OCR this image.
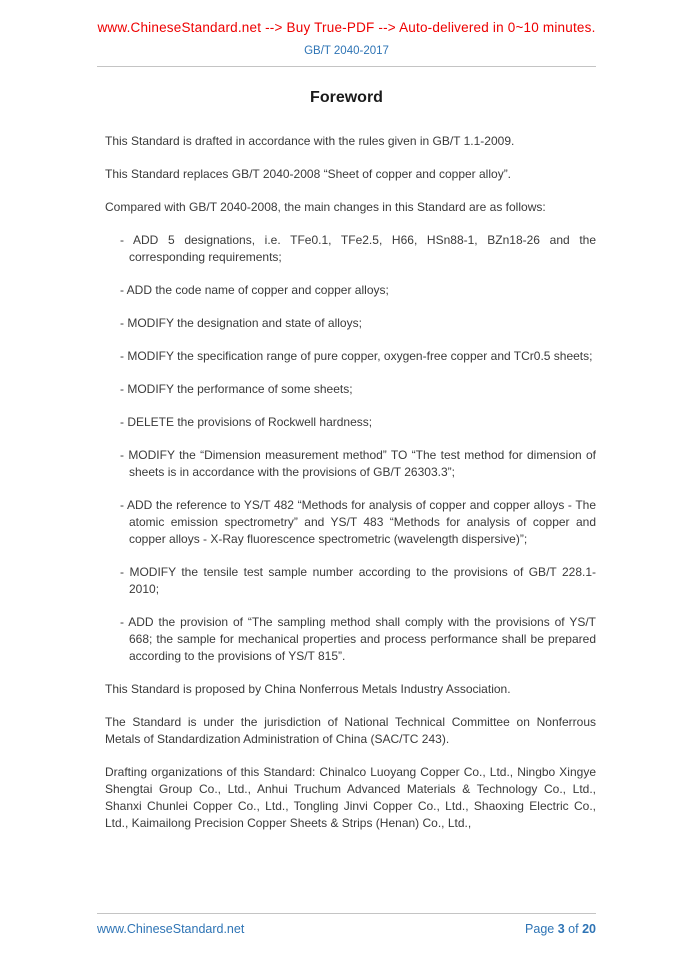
www.ChineseStandard.net --> Buy True-PDF --> Auto-delivered in 0~10 minutes.
GB/T 2040-2017
Foreword

This Standard is drafted in accordance with the rules given in GB/T 1.1-2009.

This Standard replaces GB/T 2040-2008 “Sheet of copper and copper alloy”.

Compared with GB/T 2040-2008, the main changes in this Standard are as follows:

- ADD 5 designations, i.e. TFe0.1, TFe2.5, H66, HSn88-1, BZn18-26 and the corresponding requirements;

- ADD the code name of copper and copper alloys;

- MODIFY the designation and state of alloys;

- MODIFY the specification range of pure copper, oxygen-free copper and TCr0.5 sheets;

- MODIFY the performance of some sheets;

- DELETE the provisions of Rockwell hardness;

- MODIFY the “Dimension measurement method” TO “The test method for dimension of sheets is in accordance with the provisions of GB/T 26303.3”;

- ADD the reference to YS/T 482 “Methods for analysis of copper and copper alloys - The atomic emission spectrometry” and YS/T 483 “Methods for analysis of copper and copper alloys - X-Ray fluorescence spectrometric (wavelength dispersive)”;

- MODIFY the tensile test sample number according to the provisions of GB/T 228.1-2010;

- ADD the provision of “The sampling method shall comply with the provisions of YS/T 668; the sample for mechanical properties and process performance shall be prepared according to the provisions of YS/T 815”.

This Standard is proposed by China Nonferrous Metals Industry Association.

The Standard is under the jurisdiction of National Technical Committee on Nonferrous Metals of Standardization Administration of China (SAC/TC 243).

Drafting organizations of this Standard: Chinalco Luoyang Copper Co., Ltd., Ningbo Xingye Shengtai Group Co., Ltd., Anhui Truchum Advanced Materials & Technology Co., Ltd., Shanxi Chunlei Copper Co., Ltd., Tongling Jinvi Copper Co., Ltd., Shaoxing Electric Co., Ltd., Kaimailong Precision Copper Sheets & Strips (Henan) Co., Ltd.,

www.ChineseStandard.net	Page 3 of 20
